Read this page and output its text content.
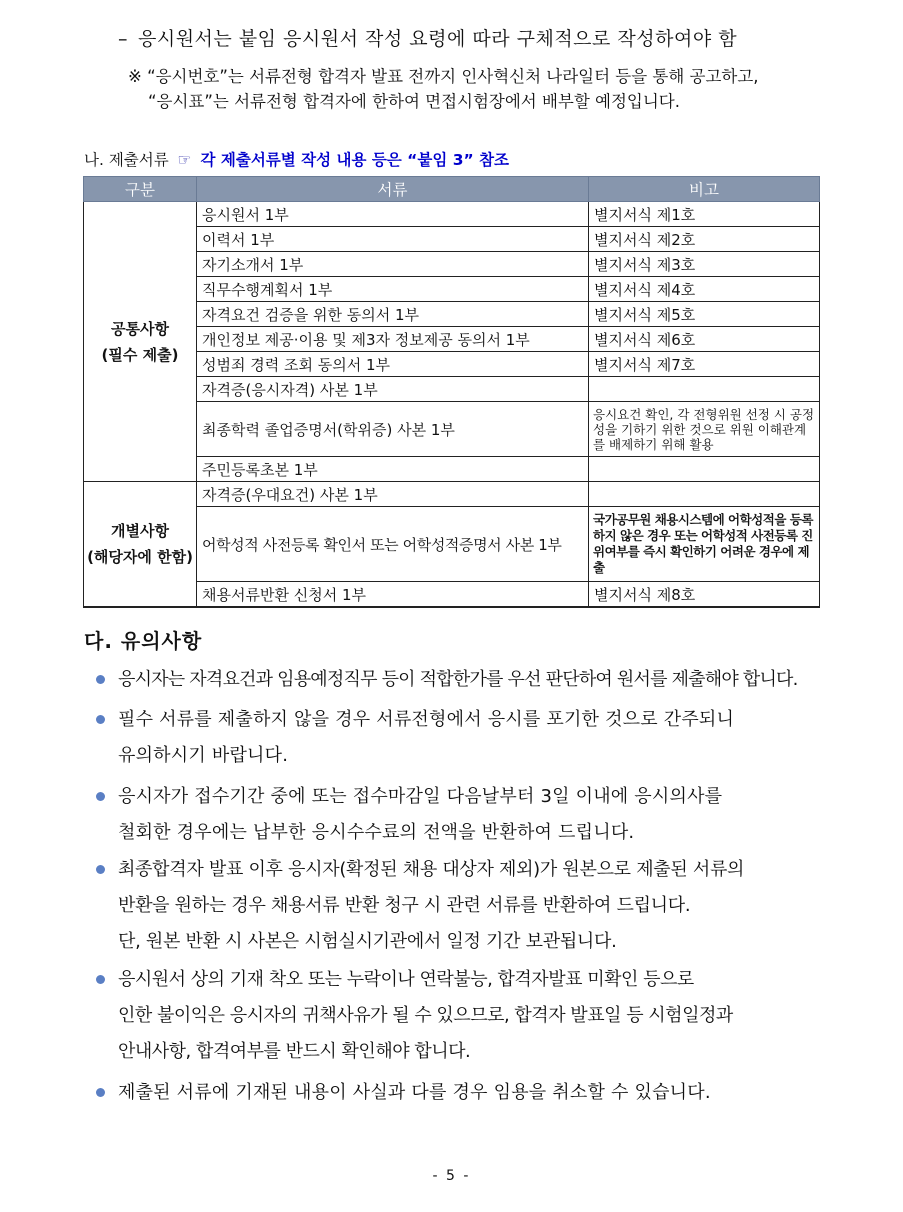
– 응시원서는 붙임 응시원서 작성 요령에 따라 구체적으로 작성하여야 함
※ “응시번호”는 서류전형 합격자 발표 전까지 인사혁신처 나라일터 등을 통해 공고하고,
“응시표”는 서류전형 합격자에 한하여 면접시험장에서 배부할 예정입니다.
나. 제출서류 ☞ 각 제출서류별 작성 내용 등은 “붙임 3” 참조
구분	서류	비고
공통사항
(필수 제출)	응시원서 1부	별지서식 제1호
	이력서 1부	별지서식 제2호
	자기소개서 1부	별지서식 제3호
	직무수행계획서 1부	별지서식 제4호
	자격요건 검증을 위한 동의서 1부	별지서식 제5호
	개인정보 제공·이용 및 제3자 정보제공 동의서 1부	별지서식 제6호
	성범죄 경력 조회 동의서 1부	별지서식 제7호
	자격증(응시자격) 사본 1부	
	최종학력 졸업증명서(학위증) 사본 1부	응시요건 확인, 각 전형위원 선정 시 공정성을 기하기 위한 것으로 위원 이해관계를 배제하기 위해 활용
	주민등록초본 1부	
개별사항
(해당자에 한함)	자격증(우대요건) 사본 1부	
	어학성적 사전등록 확인서 또는 어학성적증명서 사본 1부	국가공무원 채용시스템에 어학성적을 등록하지 않은 경우 또는 어학성적 사전등록 진위여부를 즉시 확인하기 어려운 경우에 제출
	채용서류반환 신청서 1부	별지서식 제8호
다. 유의사항
응시자는 자격요건과 임용예정직무 등이 적합한가를 우선 판단하여 원서를 제출해야 합니다.
필수 서류를 제출하지 않을 경우 서류전형에서 응시를 포기한 것으로 간주되니
유의하시기 바랍니다.
응시자가 접수기간 중에 또는 접수마감일 다음날부터 3일 이내에 응시의사를
철회한 경우에는 납부한 응시수수료의 전액을 반환하여 드립니다.
최종합격자 발표 이후 응시자(확정된 채용 대상자 제외)가 원본으로 제출된 서류의
반환을 원하는 경우 채용서류 반환 청구 시 관련 서류를 반환하여 드립니다.
단, 원본 반환 시 사본은 시험실시기관에서 일정 기간 보관됩니다.
응시원서 상의 기재 착오 또는 누락이나 연락불능, 합격자발표 미확인 등으로
인한 불이익은 응시자의 귀책사유가 될 수 있으므로, 합격자 발표일 등 시험일정과
안내사항, 합격여부를 반드시 확인해야 합니다.
제출된 서류에 기재된 내용이 사실과 다를 경우 임용을 취소할 수 있습니다.
- 5 -
